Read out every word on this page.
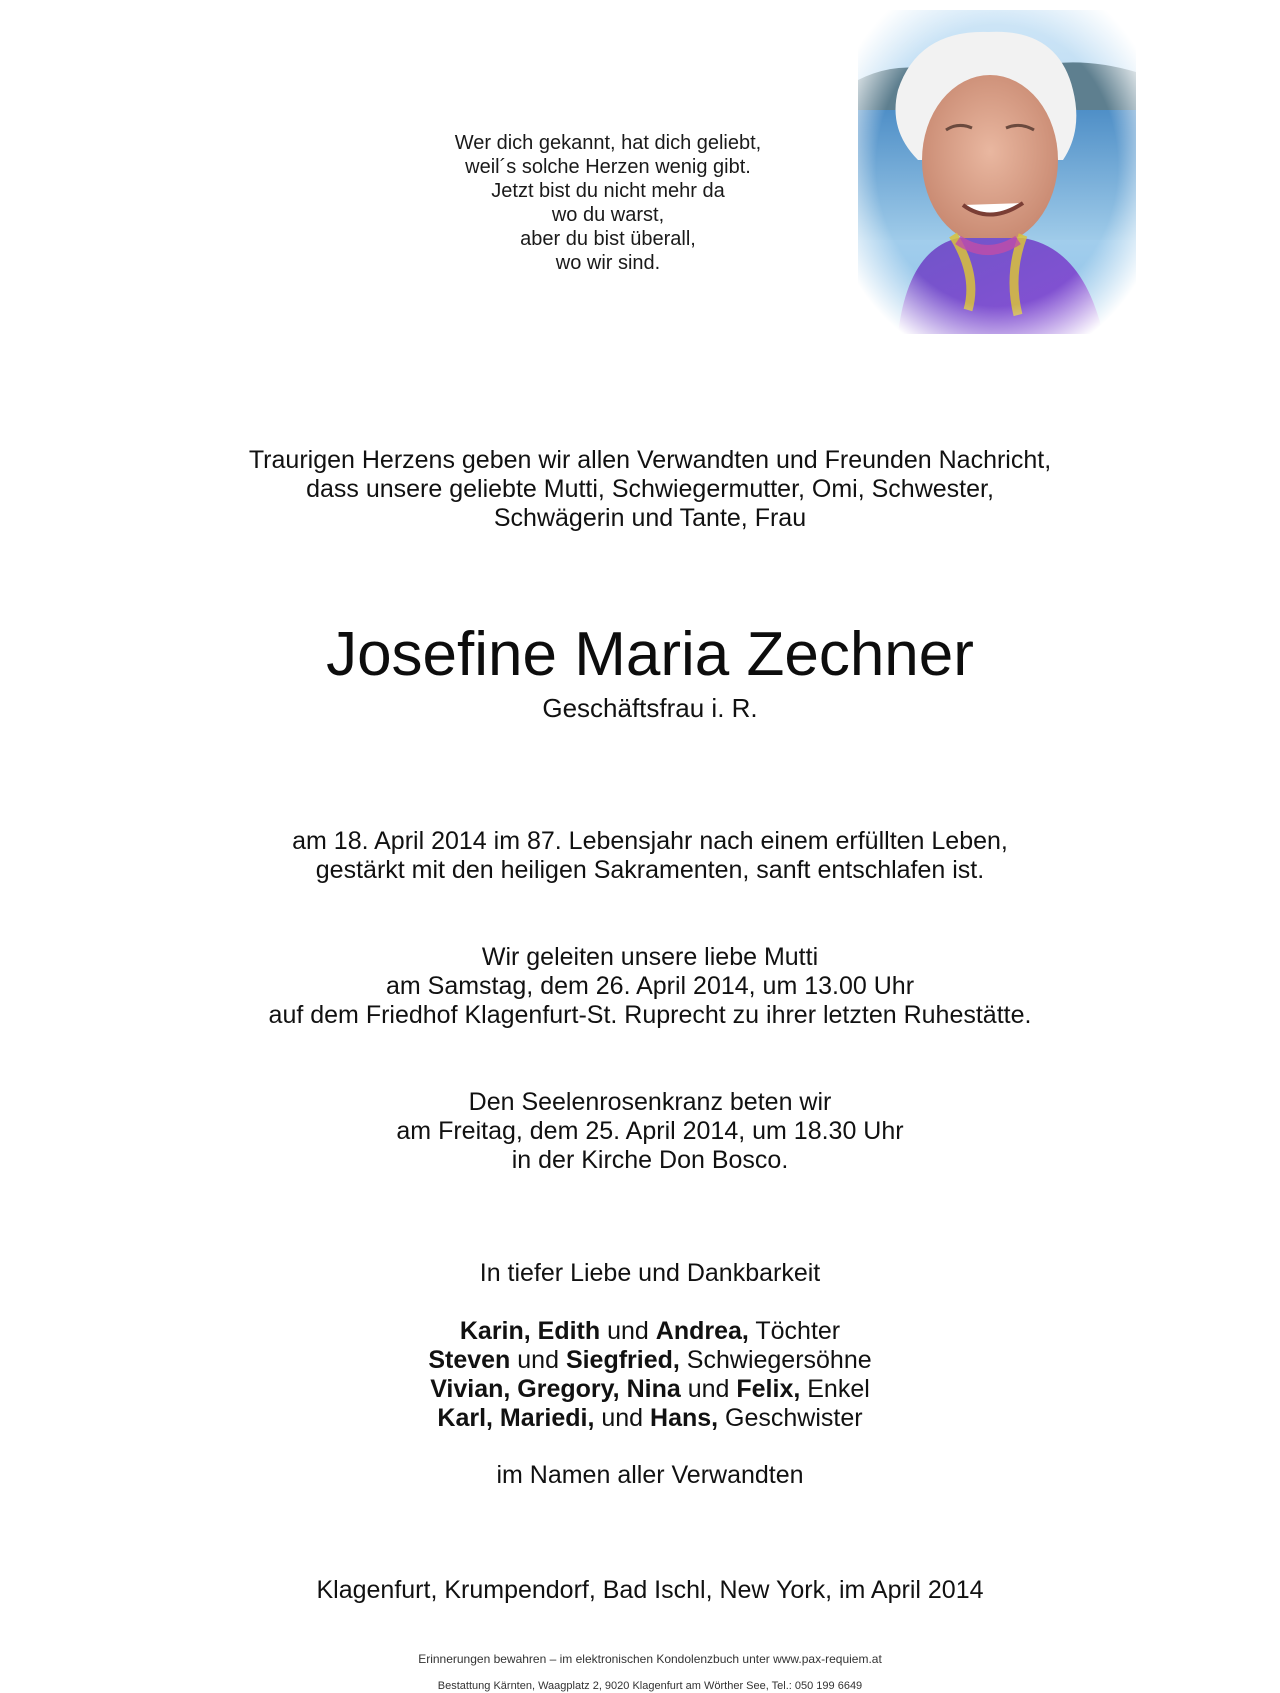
Wer dich gekannt, hat dich geliebt,
weil´s solche Herzen wenig gibt.
Jetzt bist du nicht mehr da
wo du warst,
aber du bist überall,
wo wir sind.
Traurigen Herzens geben wir allen Verwandten und Freunden Nachricht,
dass unsere geliebte Mutti, Schwiegermutter, Omi, Schwester,
Schwägerin und Tante, Frau
Josefine Maria Zechner
Geschäftsfrau i. R.
am 18. April 2014 im 87. Lebensjahr nach einem erfüllten Leben,
gestärkt mit den heiligen Sakramenten, sanft entschlafen ist.
Wir geleiten unsere liebe Mutti
am Samstag, dem 26. April 2014, um 13.00 Uhr
auf dem Friedhof Klagenfurt-St. Ruprecht zu ihrer letzten Ruhestätte.
Den Seelenrosenkranz beten wir
am Freitag, dem 25. April 2014, um 18.30 Uhr
in der Kirche Don Bosco.
In tiefer Liebe und Dankbarkeit
Karin, Edith und Andrea, Töchter
Steven und Siegfried, Schwiegersöhne
Vivian, Gregory, Nina und Felix, Enkel
Karl, Mariedi, und Hans, Geschwister
im Namen aller Verwandten
Klagenfurt, Krumpendorf, Bad Ischl, New York, im April 2014
Erinnerungen bewahren – im elektronischen Kondolenzbuch unter www.pax-requiem.at
Bestattung Kärnten, Waagplatz 2, 9020 Klagenfurt am Wörther See, Tel.: 050 199 6649
